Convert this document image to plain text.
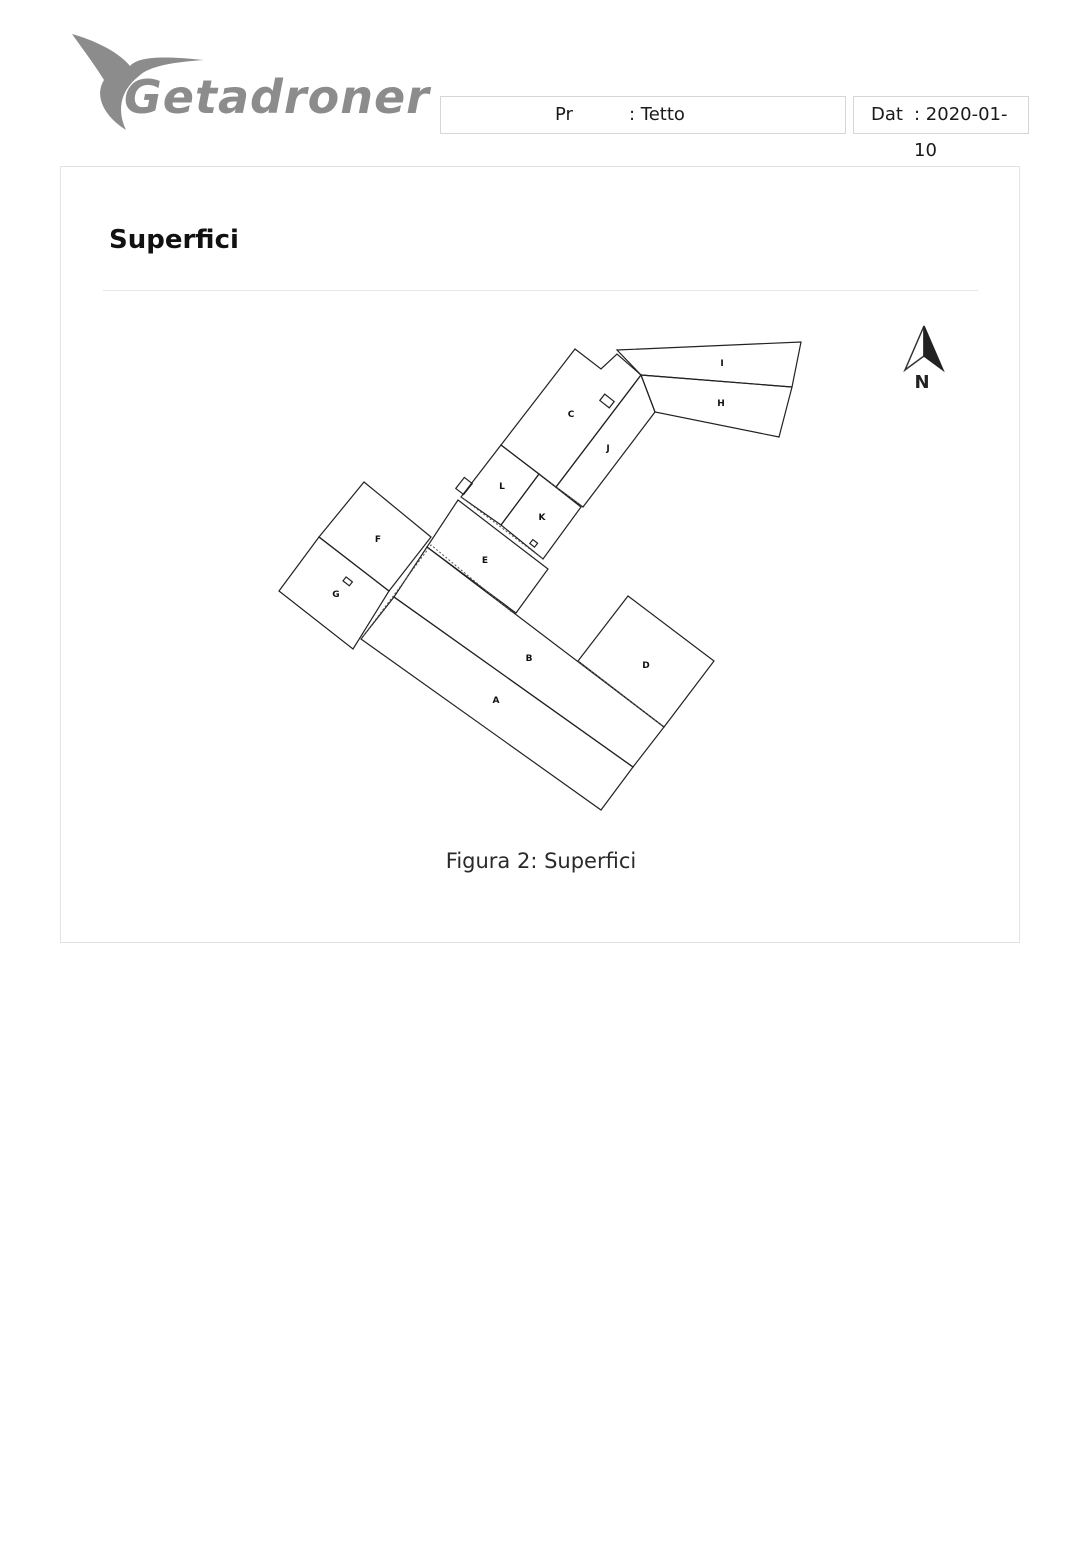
Getadroner	Pr	: Tetto	Dat : 2020-01-10
Superfici
A
B
C
D
E
F
G
H
I
J
K
L
N

Figura 2: Superfici
